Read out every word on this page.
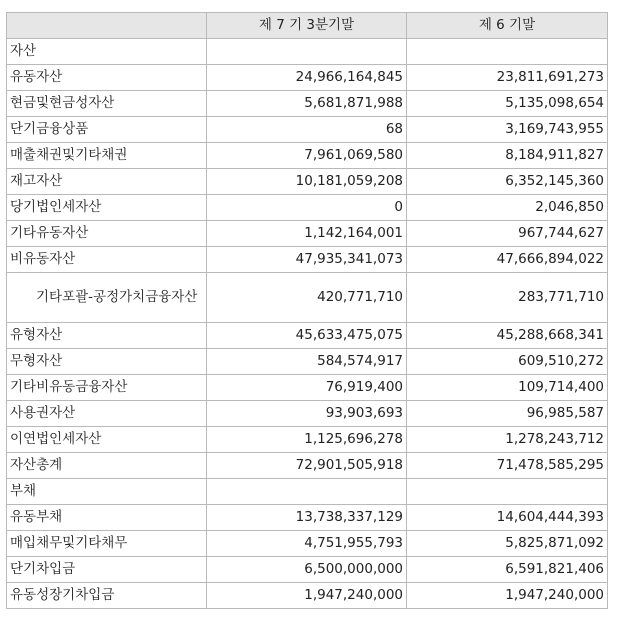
	제 7 기 3분기말	제 6 기말
자산		
유동자산	24,966,164,845	23,811,691,273
현금및현금성자산	5,681,871,988	5,135,098,654
단기금융상품	68	3,169,743,955
매출채권및기타채권	7,961,069,580	8,184,911,827
재고자산	10,181,059,208	6,352,145,360
당기법인세자산	0	2,046,850
기타유동자산	1,142,164,001	967,744,627
비유동자산	47,935,341,073	47,666,894,022
기타포괄-공정가치금융자산	420,771,710	283,771,710
유형자산	45,633,475,075	45,288,668,341
무형자산	584,574,917	609,510,272
기타비유동금융자산	76,919,400	109,714,400
사용권자산	93,903,693	96,985,587
이연법인세자산	1,125,696,278	1,278,243,712
자산총계	72,901,505,918	71,478,585,295
부채		
유동부채	13,738,337,129	14,604,444,393
매입채무및기타채무	4,751,955,793	5,825,871,092
단기차입금	6,500,000,000	6,591,821,406
유동성장기차입금	1,947,240,000	1,947,240,000
